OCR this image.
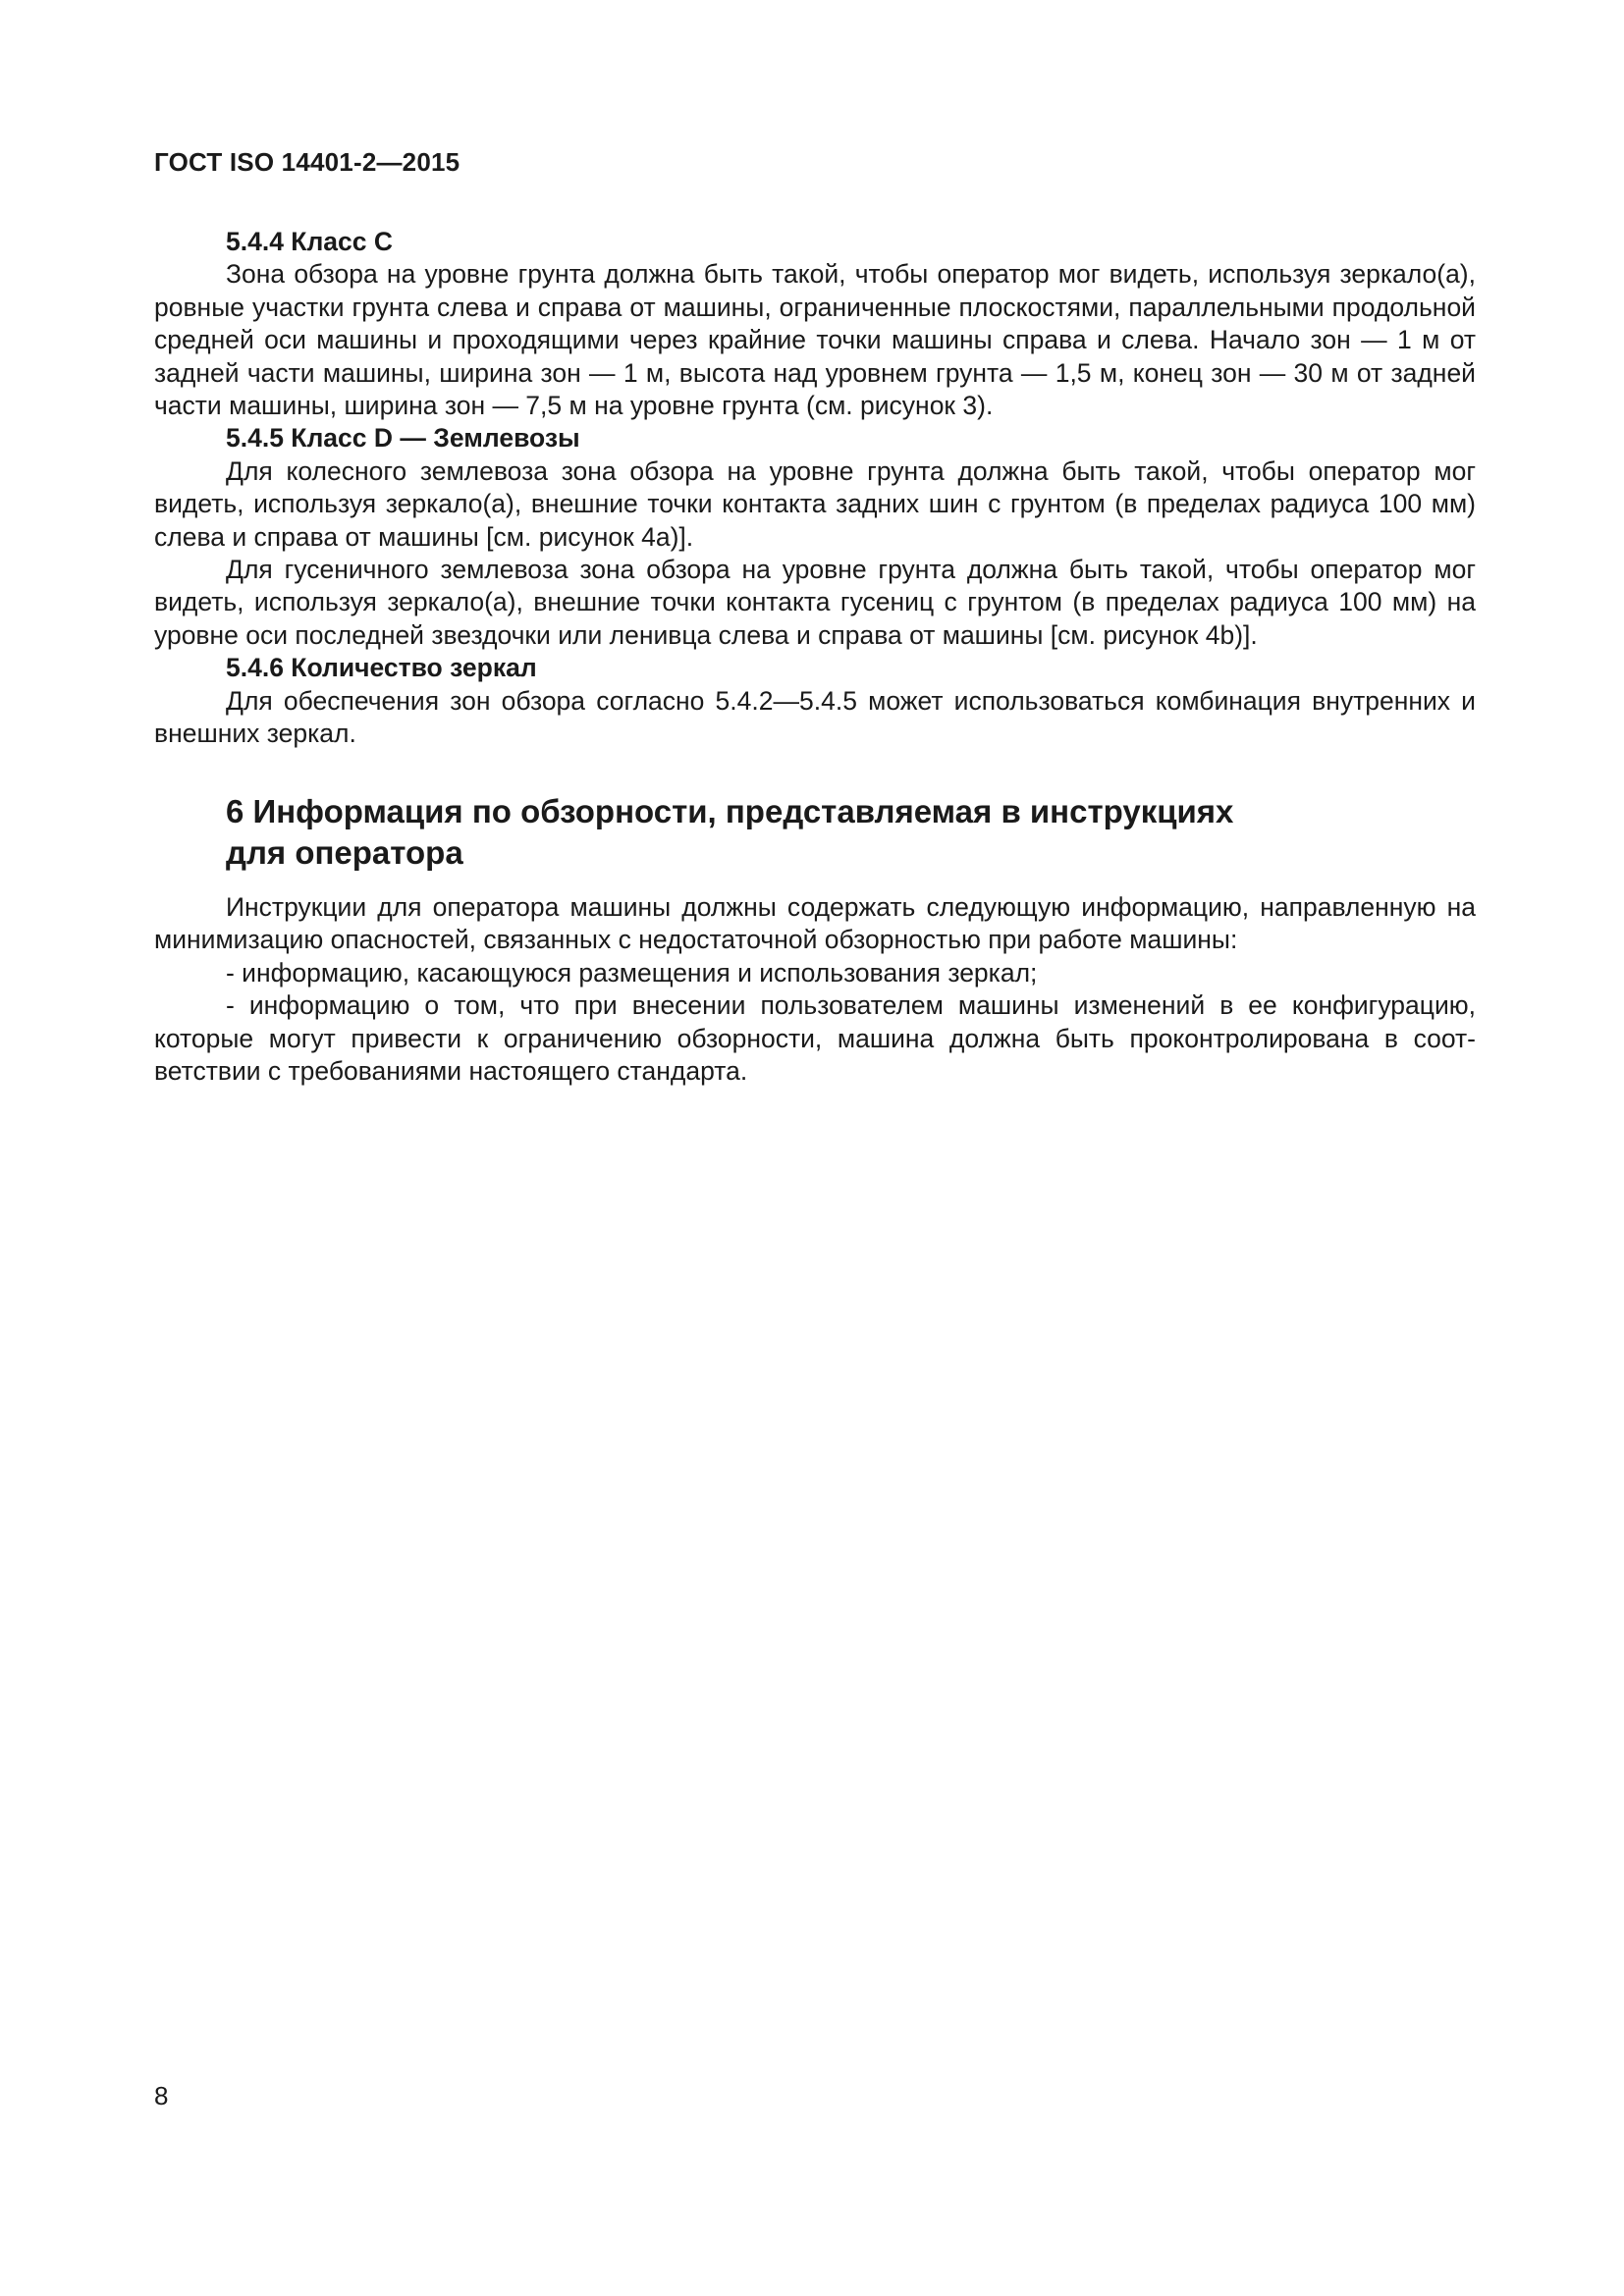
ГОСТ ISO 14401-2—2015

5.4.4 Класс С

Зона обзора на уровне грунта должна быть такой, чтобы оператор мог видеть, используя зеркало(а), ровные участки грунта слева и справа от машины, ограниченные плоскостями, параллельными продольной средней оси машины и проходящими через крайние точки машины справа и слева. Начало зон — 1 м от задней части машины, ширина зон — 1 м, высота над уровнем грунта — 1,5 м, конец зон — 30 м от задней части машины, ширина зон — 7,5 м на уровне грунта (см. рисунок 3).

5.4.5 Класс D — Землевозы

Для колесного землевоза зона обзора на уровне грунта должна быть такой, чтобы оператор мог видеть, используя зеркало(а), внешние точки контакта задних шин с грунтом (в пределах радиуса 100 мм) слева и справа от машины [см. рисунок 4а)].

Для гусеничного землевоза зона обзора на уровне грунта должна быть такой, чтобы оператор мог видеть, используя зеркало(а), внешние точки контакта гусениц с грунтом (в пределах радиуса 100 мм) на уровне оси последней звездочки или ленивца слева и справа от машины [см. рисунок 4b)].

5.4.6 Количество зеркал

Для обеспечения зон обзора согласно 5.4.2—5.4.5 может использоваться комбинация внутренних и внешних зеркал.

6 Информация по обзорности, представляемая в инструкциях
для оператора

Инструкции для оператора машины должны содержать следующую информацию, направленную на минимизацию опасностей, связанных с недостаточной обзорностью при работе машины:

- информацию, касающуюся размещения и использования зеркал;

- информацию о том, что при внесении пользователем машины изменений в ее конфигурацию, которые могут привести к ограничению обзорности, машина должна быть проконтролирована в соответствии с требованиями настоящего стандарта.

8
